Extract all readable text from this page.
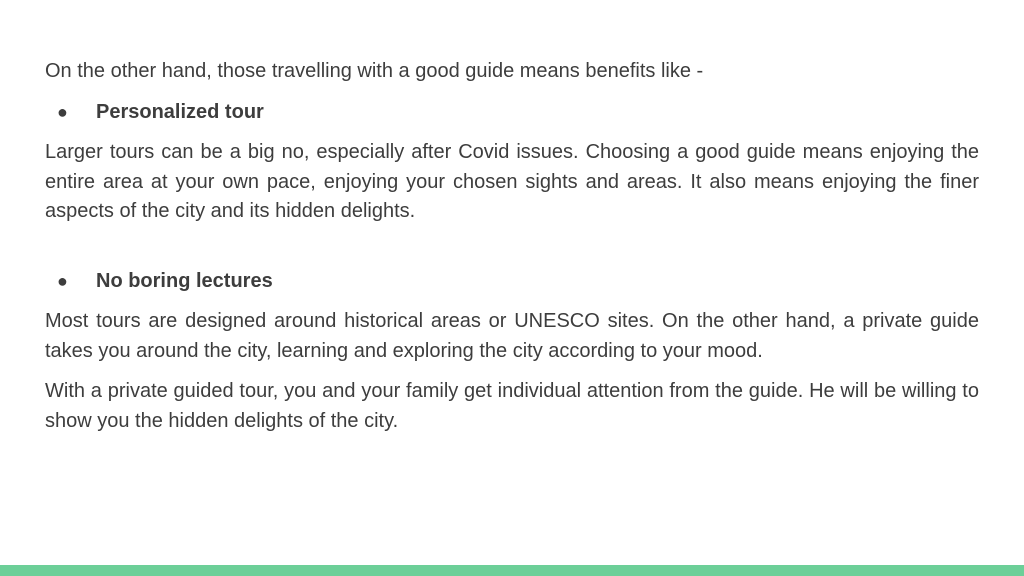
On the other hand, those travelling with a good guide means benefits like -

●	Personalized tour

Larger tours can be a big no, especially after Covid issues. Choosing a good guide means enjoying the entire area at your own pace, enjoying your chosen sights and areas. It also means enjoying the finer aspects of the city and its hidden delights.

●	No boring lectures

Most tours are designed around historical areas or UNESCO sites. On the other hand, a private guide takes you around the city, learning and exploring the city according to your mood.

With a private guided tour, you and your family get individual attention from the guide. He will be willing to show you the hidden delights of the city.
